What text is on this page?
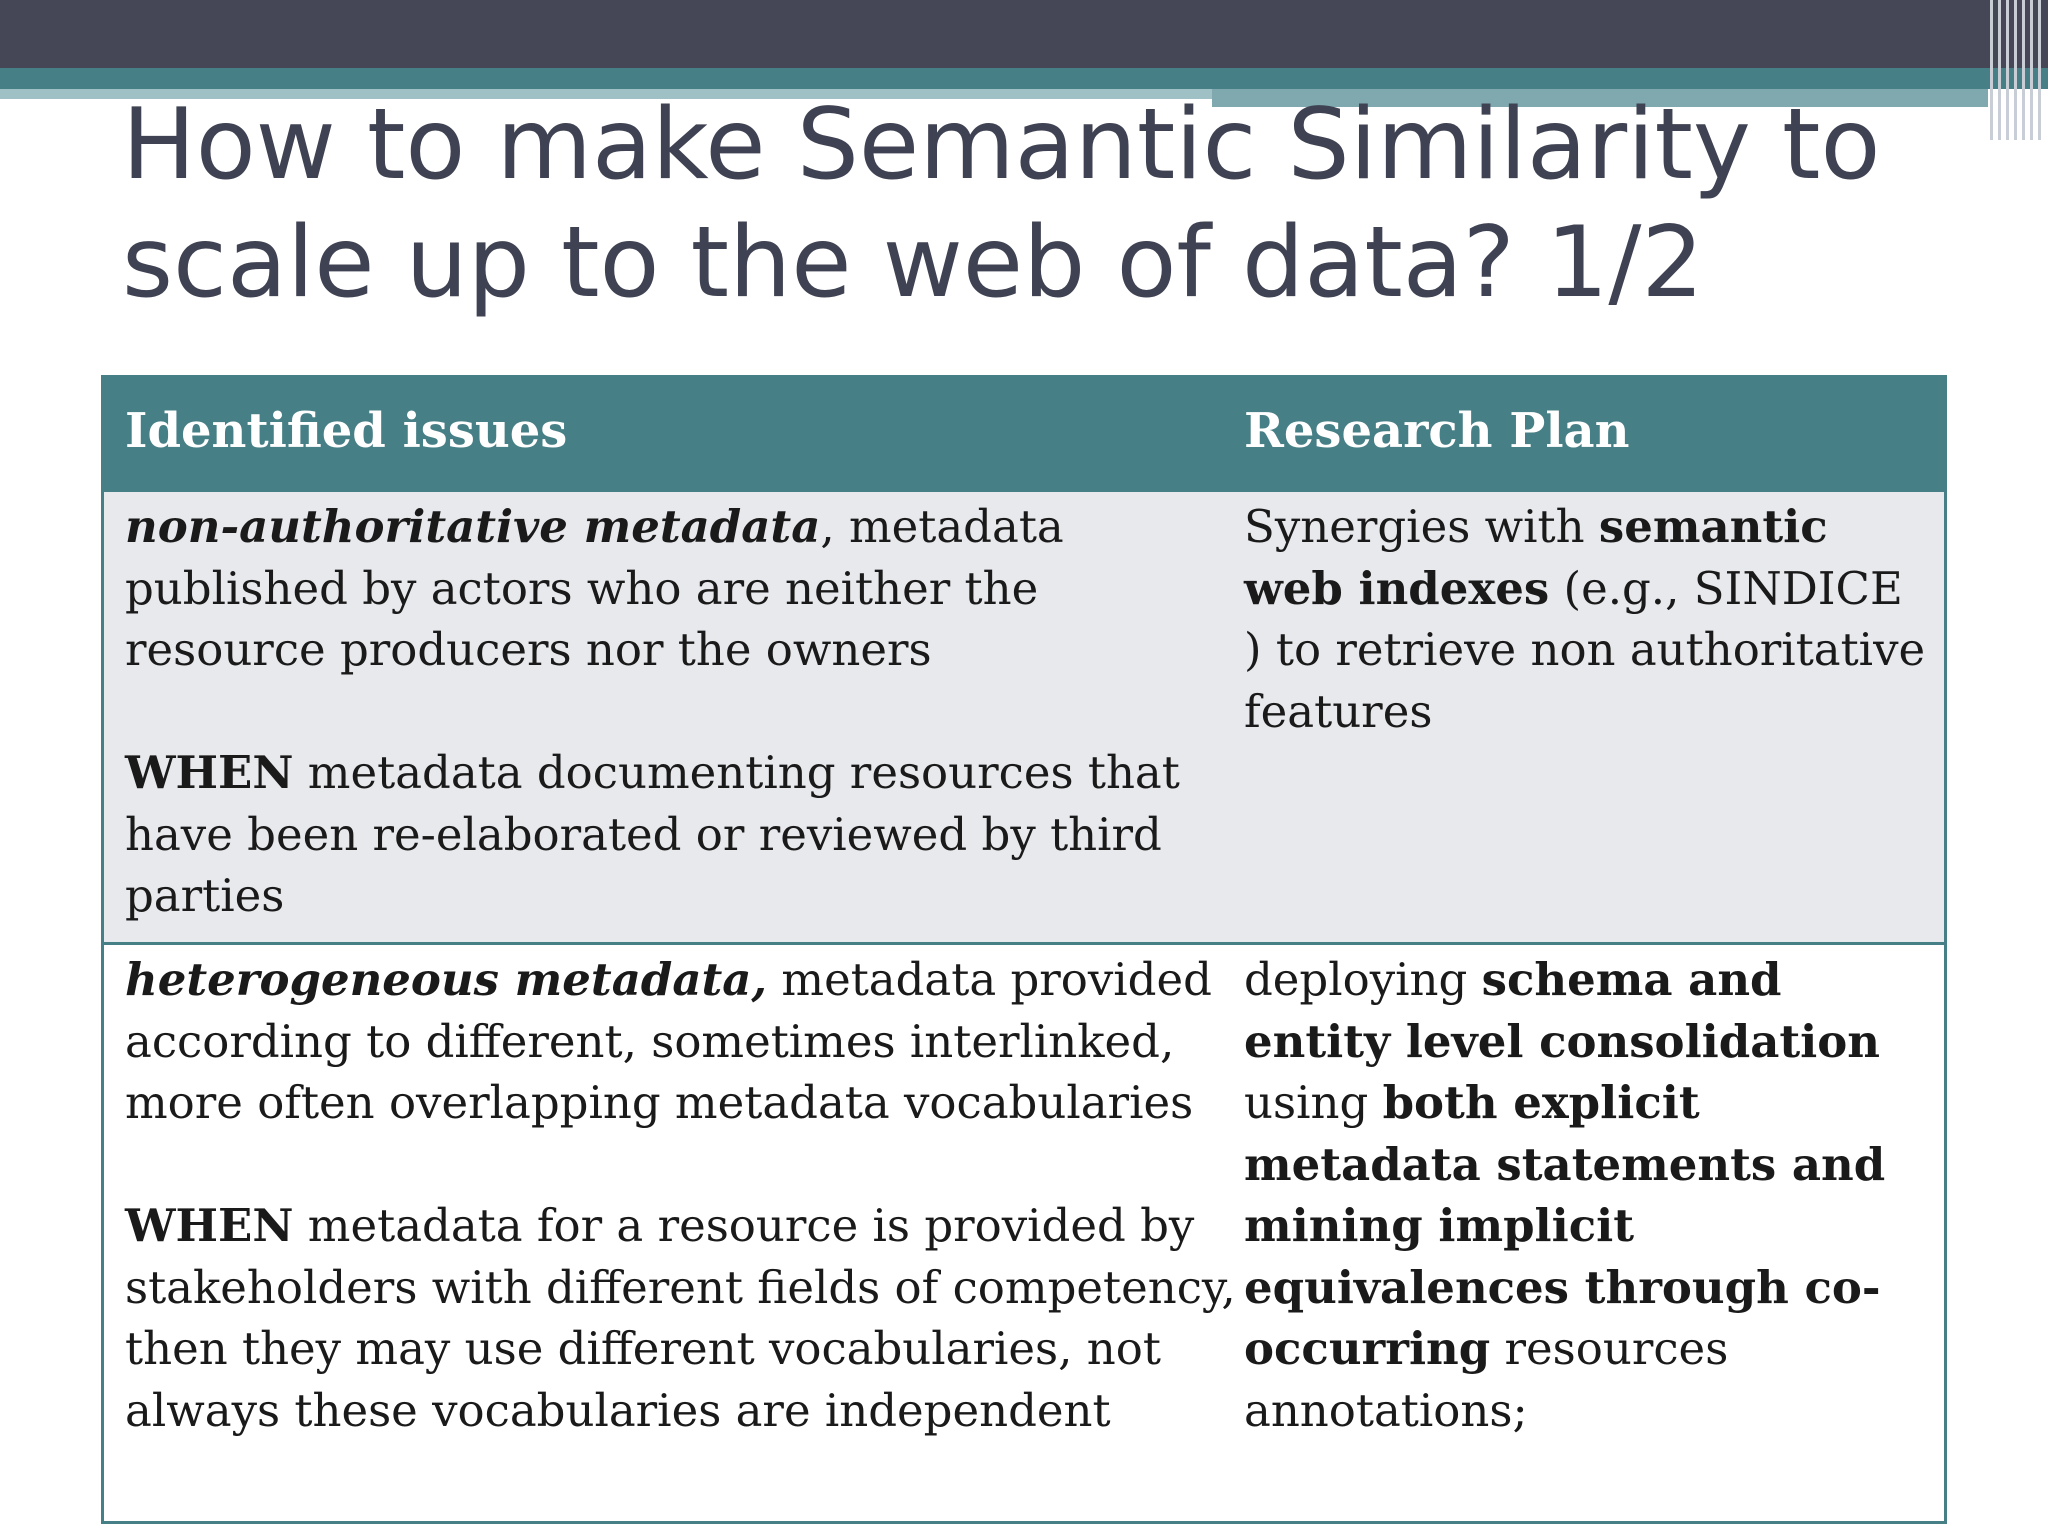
How to make Semantic Similarity to
scale up to the web of data? 1/2
Identified issues	Research Plan

non-authoritative metadata, metadata published by actors who are neither the resource producers nor the owners

WHEN metadata documenting resources that have been re-elaborated or reviewed by third parties

Synergies with semantic web indexes (e.g., SINDICE ) to retrieve non authoritative features

heterogeneous metadata, metadata provided according to different, sometimes interlinked, more often overlapping metadata vocabularies

WHEN metadata for a resource is provided by stakeholders with different fields of competency, then they may use different vocabularies, not always these vocabularies are independent

deploying schema and entity level consolidation using both explicit metadata statements and mining implicit equivalences through co-occurring resources annotations;
